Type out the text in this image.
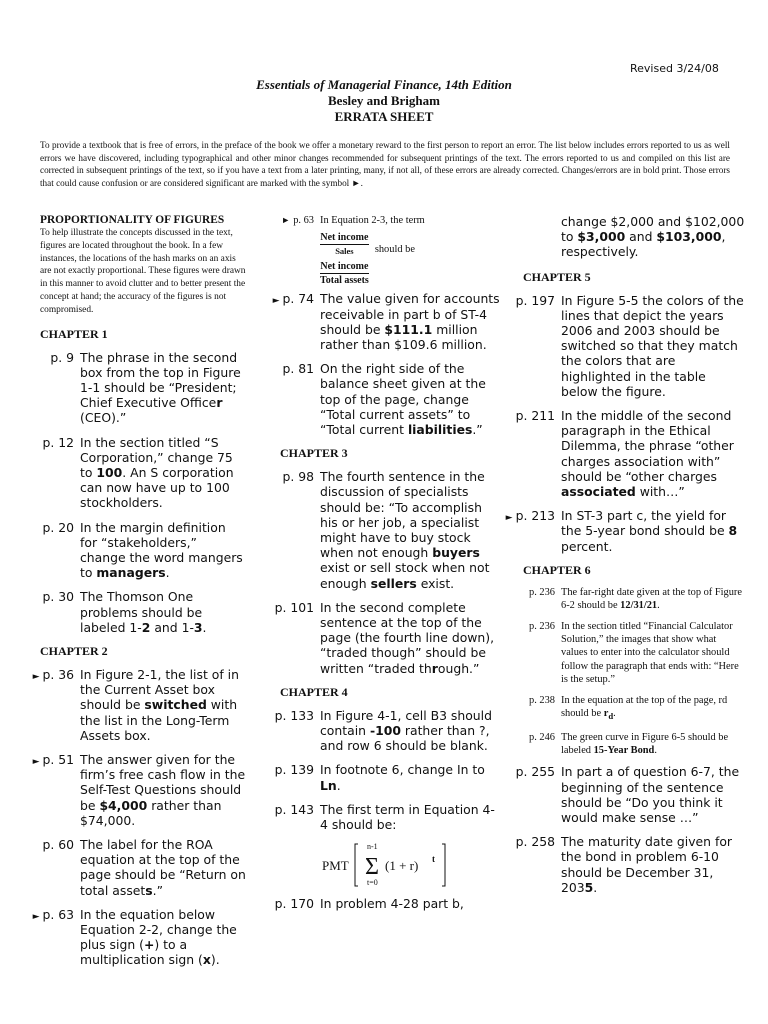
Revised 3/24/08
Essentials of Managerial Finance, 14th Edition
Besley and Brigham
ERRATA SHEET
To provide a textbook that is free of errors, in the preface of the book we offer a monetary reward to the first person to report an error. The list below includes errors reported to us as well errors we have discovered, including typographical and other minor changes recommended for subsequent printings of the text. The errors reported to us and compiled on this list are corrected in subsequent printings of the text, so if you have a text from a later printing, many, if not all, of these errors are already corrected. Changes/errors are in bold print. Those errors that could cause confusion or are considered significant are marked with the symbol ►.
PROPORTIONALITY OF FIGURES
To help illustrate the concepts discussed in the text, figures are located throughout the book. In a few instances, the locations of the hash marks on an axis are not exactly proportional. These figures were drawn in this manner to avoid clutter and to better present the concept at hand; the accuracy of the figures is not compromised.
CHAPTER 1
p. 9 The phrase in the second box from the top in Figure 1-1 should be “President; Chief Executive Officer (CEO).”
p. 12 In the section titled “S Corporation,” change 75 to 100. An S corporation can now have up to 100 stockholders.
p. 20 In the margin definition for “stakeholders,” change the word mangers to managers.
p. 30 The Thomson One problems should be labeled 1-2 and 1-3.
CHAPTER 2
► p. 36 In Figure 2-1, the list of in the Current Asset box should be switched with the list in the Long-Term Assets box.
► p. 51 The answer given for the firm’s free cash flow in the Self-Test Questions should be $4,000 rather than $74,000.
p. 60 The label for the ROA equation at the top of the page should be “Return on total assets.”
► p. 63 In the equation below Equation 2-2, change the plus sign (+) to a multiplication sign (x).
► p. 63 In Equation 2-3, the term
Net income
Sales
Net income
Total assets
should be
► p. 74 The value given for accounts receivable in part b of ST-4 should be $111.1 million rather than $109.6 million.
p. 81 On the right side of the balance sheet given at the top of the page, change “Total current assets” to “Total current liabilities.”
CHAPTER 3
p. 98 The fourth sentence in the discussion of specialists should be: “To accomplish his or her job, a specialist might have to buy stock when not enough buyers exist or sell stock when not enough sellers exist.
p. 101 In the second complete sentence at the top of the page (the fourth line down), “traded though” should be written “traded through.”
CHAPTER 4
p. 133 In Figure 4-1, cell B3 should contain -100 rather than ?, and row 6 should be blank.
p. 139 In footnote 6, change In to Ln.
p. 143 The first term in Equation 4-4 should be:
PMT
n-1
Σ
t=0
(1 + r) t
p. 170 In problem 4-28 part b,
change $2,000 and $102,000 to $3,000 and $103,000, respectively.
CHAPTER 5
p. 197 In Figure 5-5 the colors of the lines that depict the years 2006 and 2003 should be switched so that they match the colors that are highlighted in the table below the figure.
p. 211 In the middle of the second paragraph in the Ethical Dilemma, the phrase “other charges association with” should be “other charges associated with…”
► p. 213 In ST-3 part c, the yield for the 5-year bond should be 8 percent.
CHAPTER 6
p. 236 The far-right date given at the top of Figure 6-2 should be 12/31/21.
p. 236 In the section titled “Financial Calculator Solution,” the images that show what values to enter into the calculator should follow the paragraph that ends with: “Here is the setup.”
p. 238 In the equation at the top of the page, rd should be $r_d$.
p. 246 The green curve in Figure 6-5 should be labeled 15-Year Bond.
p. 255 In part a of question 6-7, the beginning of the sentence should be “Do you think it would make sense …”
p. 258 The maturity date given for the bond in problem 6-10 should be December 31, 2035.
